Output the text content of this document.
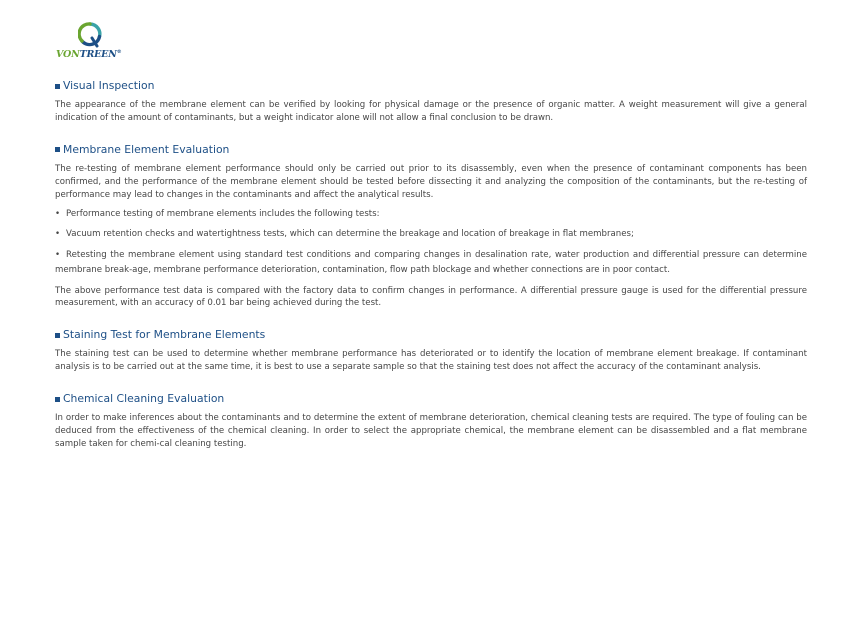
VONTREEN®
Visual Inspection

The appearance of the membrane element can be verified by looking for physical damage or the presence of organic matter. A weight measurement will give a general indication of the amount of contaminants, but a weight indicator alone will not allow a final conclusion to be drawn.

Membrane Element Evaluation

The re-testing of membrane element performance should only be carried out prior to its disassembly, even when the presence of contaminant components has been confirmed, and the performance of the membrane element should be tested before dissecting it and analyzing the composition of the contaminants, but the re-testing of performance may lead to changes in the contaminants and affect the analytical results.

• Performance testing of membrane elements includes the following tests:

• Vacuum retention checks and watertightness tests, which can determine the breakage and location of breakage in flat membranes;

• Retesting the membrane element using standard test conditions and comparing changes in desalination rate, water production and differential pressure can determine membrane break-age, membrane performance deterioration, contamination, flow path blockage and whether connections are in poor contact.

The above performance test data is compared with the factory data to confirm changes in performance. A differential pressure gauge is used for the differential pressure measurement, with an accuracy of 0.01 bar being achieved during the test.

Staining Test for Membrane Elements

The staining test can be used to determine whether membrane performance has deteriorated or to identify the location of membrane element breakage. If contaminant analysis is to be carried out at the same time, it is best to use a separate sample so that the staining test does not affect the accuracy of the contaminant analysis.

Chemical Cleaning Evaluation

In order to make inferences about the contaminants and to determine the extent of membrane deterioration, chemical cleaning tests are required. The type of fouling can be deduced from the effectiveness of the chemical cleaning. In order to select the appropriate chemical, the membrane element can be disassembled and a flat membrane sample taken for chemi-cal cleaning testing.
